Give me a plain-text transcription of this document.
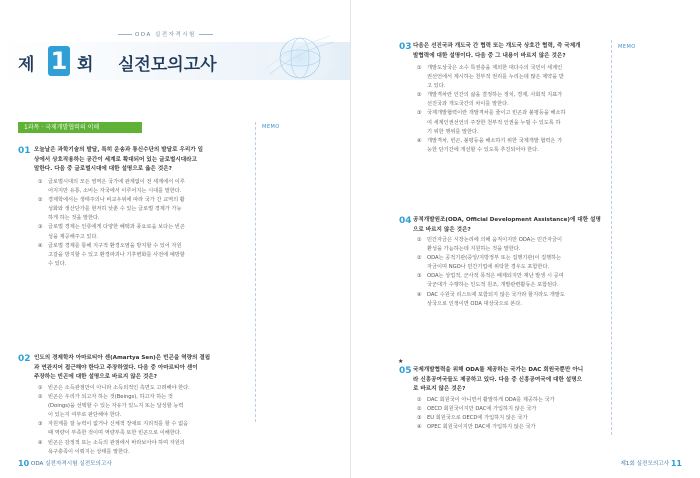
ODA 실전자격시험
제 1 회 실전모의고사
1과목 · 국제개발협력의 이해	MEMO
01 오늘날은 과학기술의 발달, 특히 운송과 통신수단의 발달로 우리가 일
상에서 상호작용하는 공간이 세계로 확대되어 있는 글로벌시대라고
말한다. 다음 중 글로벌시대에 대한 설명으로 옳은 것은?
①	글로벌시대의 모든 영역은 국가에 관계없이 전 세계에서 이루
어지지만 유통, 소비는 자국에서 이루어지는 시대를 말한다.
②	경제학에서는 생태주의나 비교우위에 따라 국가 간 교역의 활
성화와 생산단가를 현저히 낮춘 수 있는 글로벌 경제가 가능
하게 하는 것을 말한다.
③	글로벌 경제는 인류에게 다양한 혜택과 풍요로움 보다는 빈곤
성을 제공해주고 있다.
④	글로벌 경제를 통해 지구적 환경오염을 방지할 수 있어 자원
고갈을 방지할 수 있고 환경파괴나 기후변화를 사전에 예방할
수 있다.
02 인도의 경제학자 아마르티아 센(Amartya Sen)은 빈곤을 역량의 결핍
과 연관지어 접근해야 한다고 주장하였다. 다음 중 아마르티아 센이
주장하는 빈곤에 대한 설명으로 바르지 않은 것은?
①	빈곤은 소득관점만이 아니라 소득외적인 측면도 고려해야 한다.
②	빈곤은 우리가 되고자 하는 것(Beings), 하고자 하는 것
(Doings)을 선택할 수 있는 자유가 있느지 또는 달성할 능력
이 있는지 여부로 판단해야 한다.
③	자원계를 잘 능력이 없거나 신체적 장애로 지리적를 할 수 없음
때 역량이 부족한 것이며 역량부족 또한 빈곤으로 이해한다.
④	빈곤은 감정적 또는 소득의 관점에서 바라보아야 하며 자원의
욕구충족이 이뤄지는 상태를 말한다.
10 ODA 실전자격시험 실전모의고사
MEMO
03 다음은 선진국과 개도국 간 협력 또는 개도국 상호간 협력, 즉 국제개
발협력에 대한 설명이다. 다음 중 그 내용이 바르지 않은 것은?
①	개발도상국은 소수 특권층을 제외한 대다수의 국민이 세계인
권선언에서 제시하는 천부적 권리를 누리는데 많은 제약을 받
고 있다.
②	개발격차란 인간의 삶을 결정하는 정치, 경제, 사회적 지표가
선진국과 개도국간의 차이를 말한다.
③	국제개발협력이란 개발격차를 줄이고 빈곤과 불평등을 해소하
여 세계인권선언의 주장한 천부적 인권을 누릴 수 있도록 하
기 위한 행위를 말한다.
④	개발격차, 빈곤, 불평등을 해소하기 위한 국제개발 협력은 가
능한 단기간에 개선할 수 있도록 추진되어야 한다.
04 공적개발원조(ODA, Official Development Assistance)에 대한 설명
으로 바르지 않은 것은?
①	민간자금은 시장논리에 의해 움직이지만 ODA는 민간자금이
환성을 가늠하는데 지원하는 것을 말한다.
②	ODA는 공적기관(중앙/지방정부 또는 집행기관)이 집행하는
자금이며 NGO나 민간기업에 위탁한 경우도 포함한다.
③	ODA는 상업적, 군사적 목적은 배제되지만 재난 발생 시 공여
국군대가 수행하는 인도적 원조, 개발관련활동은 포함된다.
④	DAC 수원국 리스트에 포함되지 않은 국가라 할지라도 개발도
상국으로 인정이면 ODA 대상국으로 본다.
★
05 국제개발협력을 위해 ODA를 제공하는 국가는 DAC 회원국뿐만 아니
라 신흥공여국들도 제공하고 있다. 다음 중 신흥공여국에 대한 설명으
로 바르지 않은 것은?
①	DAC 회원국이 아니면서 활발하게 ODA를 제공하는 국가
②	OECD 회원국이지만 DAC에 가입하지 않은 국가
③	EU 회원국으로 OECD에 가입하지 않은 국가
④	OPEC 회원국이지만 DAC에 가입하지 않은 국가
제1회 실전모의고사 11
